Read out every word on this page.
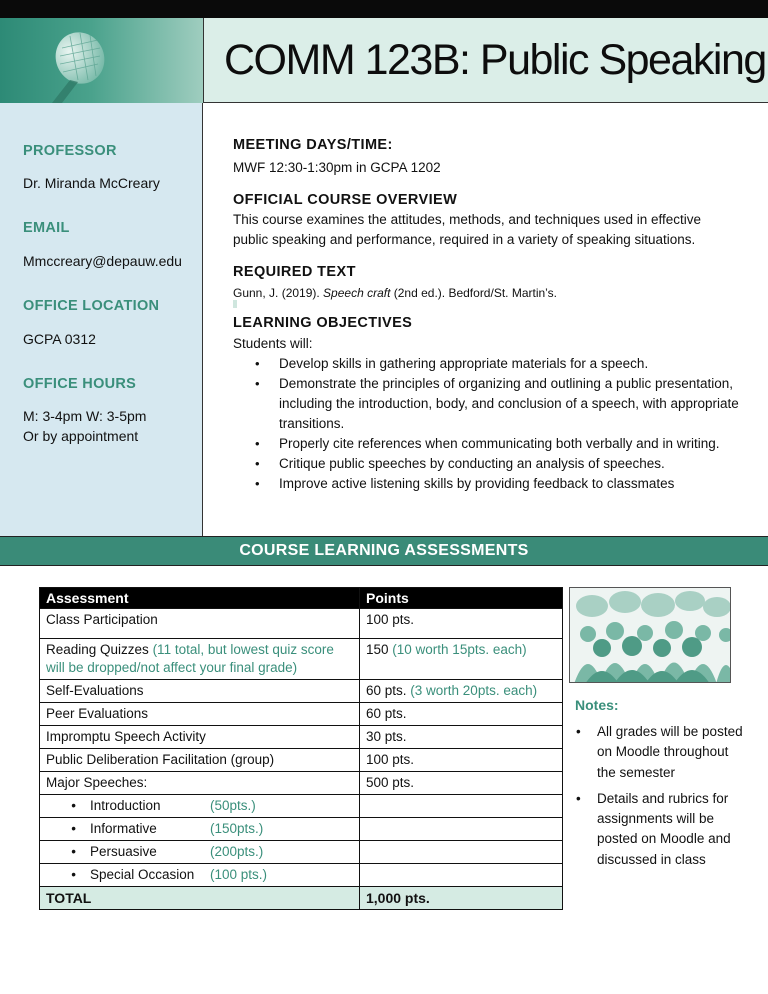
COMM 123B: Public Speaking
PROFESSOR
Dr. Miranda McCreary
EMAIL
Mmccreary@depauw.edu
OFFICE LOCATION
GCPA 0312
OFFICE HOURS
M: 3-4pm W: 3-5pm
Or by appointment
MEETING DAYS/TIME:
MWF 12:30-1:30pm in GCPA 1202
OFFICIAL COURSE OVERVIEW
This course examines the attitudes, methods, and techniques used in effective
public speaking and performance, required in a variety of speaking situations.
REQUIRED TEXT
Gunn, J. (2019). Speech craft (2nd ed.). Bedford/St. Martin’s.
LEARNING OBJECTIVES
Students will:
• Develop skills in gathering appropriate materials for a speech.
• Demonstrate the principles of organizing and outlining a public presentation, including the introduction, body, and conclusion of a speech, with appropriate transitions.
• Properly cite references when communicating both verbally and in writing.
• Critique public speeches by conducting an analysis of speeches.
• Improve active listening skills by providing feedback to classmates
COURSE LEARNING ASSESSMENTS
Assessment	Points
Class Participation	100 pts.
Reading Quizzes (11 total, but lowest quiz score will be dropped/not affect your final grade)	150 (10 worth 15pts. each)
Self-Evaluations	60 pts. (3 worth 20pts. each)
Peer Evaluations	60 pts.
Impromptu Speech Activity	30 pts.
Public Deliberation Facilitation (group)	100 pts.
Major Speeches:	500 pts.

• Introduction (50pts.)	

• Informative (150pts.)	

• Persuasive (200pts.)	

• Special Occasion (100 pts.)	

TOTAL	1,000 pts.
Notes:
• All grades will be posted on Moodle throughout the semester
• Details and rubrics for assignments will be posted on Moodle and discussed in class
